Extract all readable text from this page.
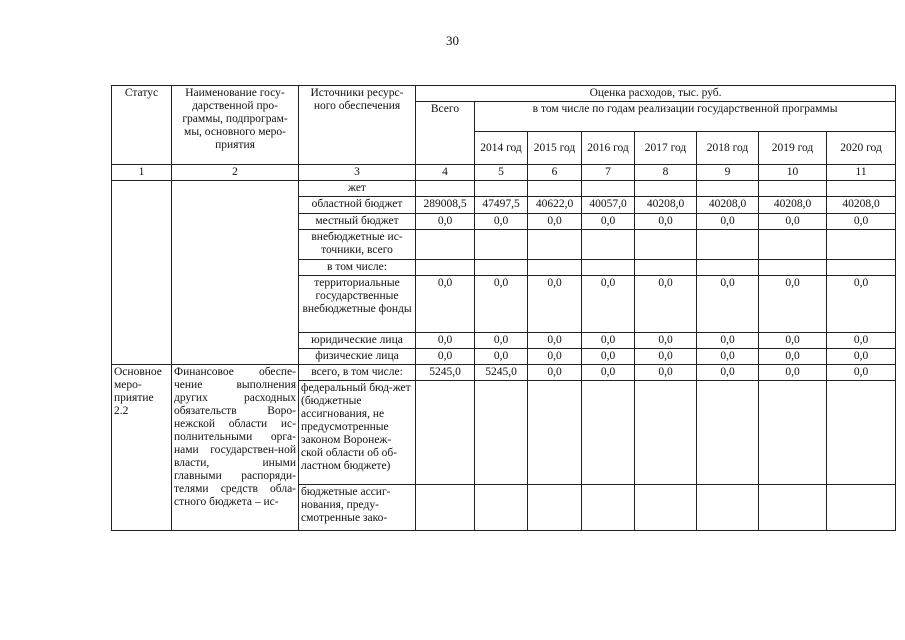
30
Статус	Наименование госу-дарственной про-граммы, подпрограм-мы, основного меро-приятия	Источники ресурс-ного обеспечения	Оценка расходов, тыс. руб.							
			Всего	в том числе по годам реализации государственной программы						
				2014 год	2015 год	2016 год	2017 год	2018 год	2019 год	2020 год
1	2	3	4	5	6	7	8	9	10	11
		жет								
		областной бюджет	289008,5	47497,5	40622,0	40057,0	40208,0	40208,0	40208,0	40208,0
		местный бюджет	0,0	0,0	0,0	0,0	0,0	0,0	0,0	0,0
		внебюджетные ис-точники, всего								
		в том числе:								
		территориальные государственные внебюджетные фонды	0,0	0,0	0,0	0,0	0,0	0,0	0,0	0,0
		юридические лица	0,0	0,0	0,0	0,0	0,0	0,0	0,0	0,0
		физические лица	0,0	0,0	0,0	0,0	0,0	0,0	0,0	0,0
Основное меро-приятие 2.2	Финансовое обеспе-чение выполнения других расходных обязательств Воро-нежской области ис-полнительными орга-нами государствен-ной власти, иными главными распоряди-телями средств обла-стного бюджета – ис-	всего, в том числе:	5245,0	5245,0	0,0	0,0	0,0	0,0	0,0	0,0
		федеральный бюд-жет (бюджетные ассигнования, не предусмотренные законом Воронеж-ской области об об-ластном бюджете)								
		бюджетные ассиг-нования, преду-смотренные зако-								
